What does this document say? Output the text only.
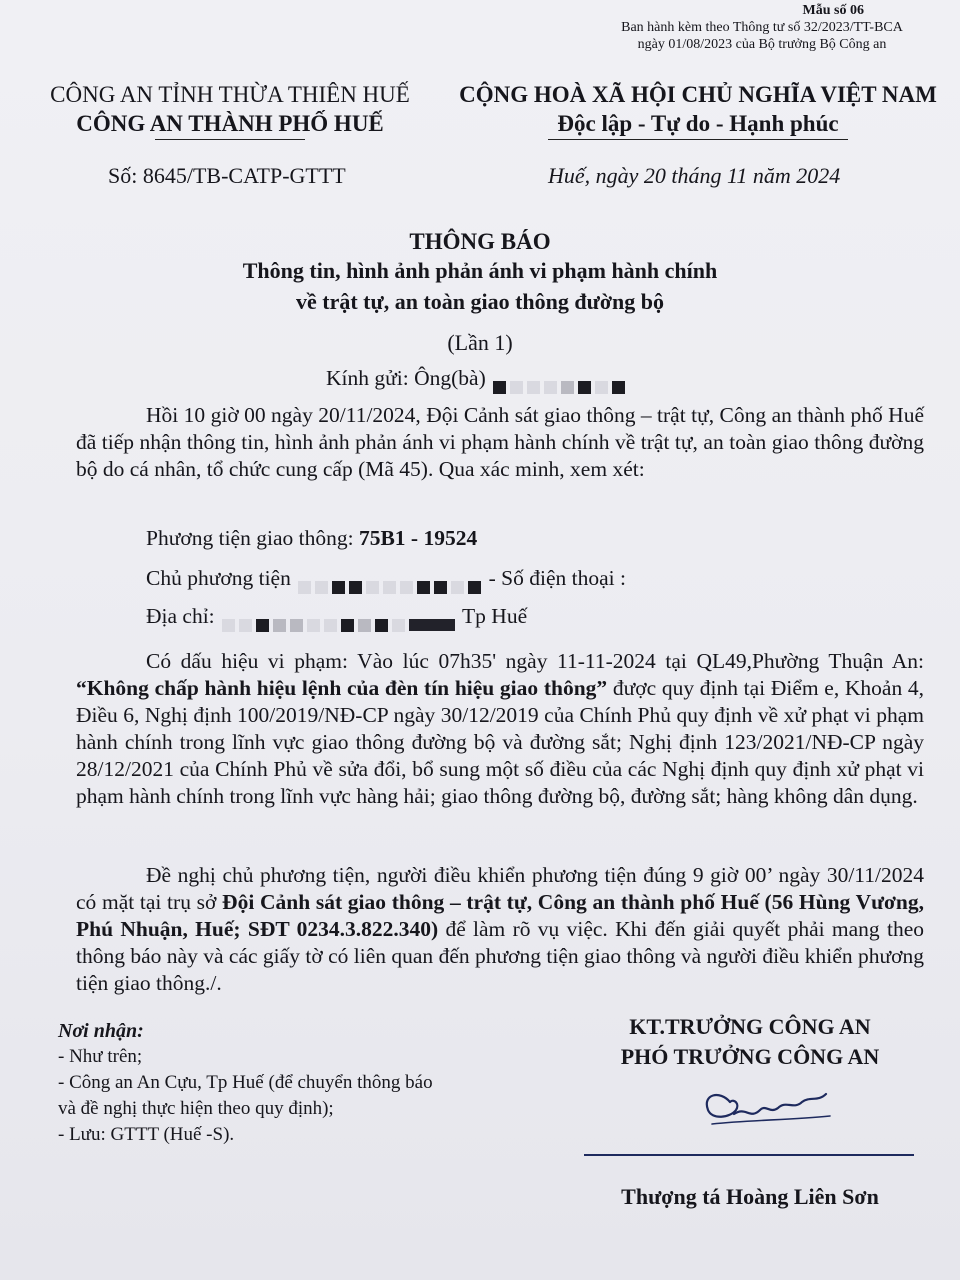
Mẫu số 06
Ban hành kèm theo Thông tư số 32/2023/TT-BCA
ngày 01/08/2023 của Bộ trưởng Bộ Công an
CÔNG AN TỈNH THỪA THIÊN HUẾ
CÔNG AN THÀNH PHỐ HUẾ
CỘNG HOÀ XÃ HỘI CHỦ NGHĨA VIỆT NAM
Độc lập - Tự do - Hạnh phúc
Số: 8645/TB-CATP-GTTT	Huế, ngày 20 tháng 11 năm 2024
THÔNG BÁO
Thông tin, hình ảnh phản ánh vi phạm hành chính
về trật tự, an toàn giao thông đường bộ
(Lần 1)
Kính gửi: Ông(bà)
Hồi 10 giờ 00 ngày 20/11/2024, Đội Cảnh sát giao thông – trật tự, Công an thành phố Huế đã tiếp nhận thông tin, hình ảnh phản ánh vi phạm hành chính về trật tự, an toàn giao thông đường bộ do cá nhân, tổ chức cung cấp (Mã 45). Qua xác minh, xem xét:
Phương tiện giao thông: 75B1 - 19524
Chủ phương tiện	- Số điện thoại :
Địa chỉ:	Tp Huế
Có dấu hiệu vi phạm: Vào lúc 07h35' ngày 11-11-2024 tại QL49,Phường Thuận An: “Không chấp hành hiệu lệnh của đèn tín hiệu giao thông” được quy định tại Điểm e, Khoản 4, Điều 6, Nghị định 100/2019/NĐ-CP ngày 30/12/2019 của Chính Phủ quy định về xử phạt vi phạm hành chính trong lĩnh vực giao thông đường bộ và đường sắt; Nghị định 123/2021/NĐ-CP ngày 28/12/2021 của Chính Phủ về sửa đổi, bổ sung một số điều của các Nghị định quy định xử phạt vi phạm hành chính trong lĩnh vực hàng hải; giao thông đường bộ, đường sắt; hàng không dân dụng.
Đề nghị chủ phương tiện, người điều khiển phương tiện đúng 9 giờ 00’ ngày 30/11/2024 có mặt tại trụ sở Đội Cảnh sát giao thông – trật tự, Công an thành phố Huế (56 Hùng Vương, Phú Nhuận, Huế; SĐT 0234.3.822.340) để làm rõ vụ việc. Khi đến giải quyết phải mang theo thông báo này và các giấy tờ có liên quan đến phương tiện giao thông và người điều khiển phương tiện giao thông./.
Nơi nhận:
- Như trên;
- Công an An Cựu, Tp Huế (để chuyển thông báo
và đề nghị thực hiện theo quy định);
- Lưu: GTTT (Huế -S).
KT.TRƯỞNG CÔNG AN
PHÓ TRƯỞNG CÔNG AN
Thượng tá Hoàng Liên Sơn
